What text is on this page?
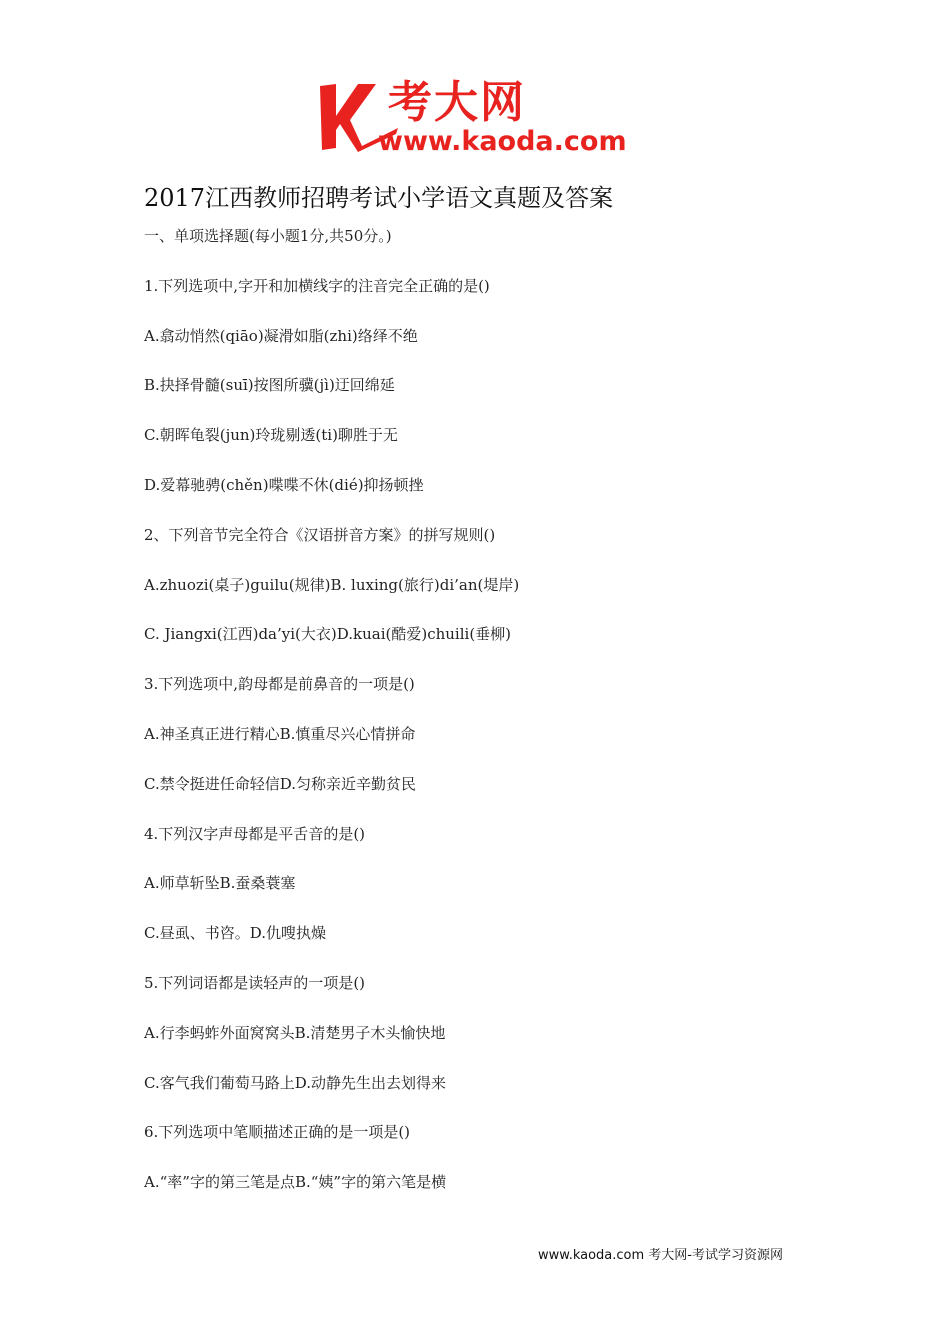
考大网
www.kaoda.com
2017江西教师招聘考试小学语文真题及答案
一、单项选择题(每小题1分,共50分。)
1.下列选项中,字开和加横线字的注音完全正确的是()
A.翕动悄然(qiāo)凝滑如脂(zhi)络绎不绝
B.抉择骨髓(suī)按图所骥(jì)迂回绵延
C.朝晖龟裂(jun)玲珑剔透(ti)聊胜于无
D.爱幕驰骋(chěn)喋喋不休(dié)抑扬顿挫
2、下列音节完全符合《汉语拼音方案》的拼写规则()
A.zhuozi(桌子)guilu(规律)B. luxing(旅行)di’an(堤岸)
C. Jiangxi(江西)da’yi(大衣)D.kuai(酷爱)chuili(垂柳)
3.下列选项中,韵母都是前鼻音的一项是()
A.神圣真正进行精心B.慎重尽兴心情拼命
C.禁令挺进任命轻信D.匀称亲近辛勤贫民
4.下列汉字声母都是平舌音的是()
A.师草斩坠B.蚕桑蓑塞
C.昼虱、书咨。D.仇嗖执燥
5.下列词语都是读轻声的一项是()
A.行李蚂蚱外面窝窝头B.清楚男子木头愉快地
C.客气我们葡萄马路上D.动静先生出去划得来
6.下列选项中笔顺描述正确的是一项是()
A.“率”字的第三笔是点B.“姨”字的第六笔是横
www.kaoda.com 考大网-考试学习资源网
